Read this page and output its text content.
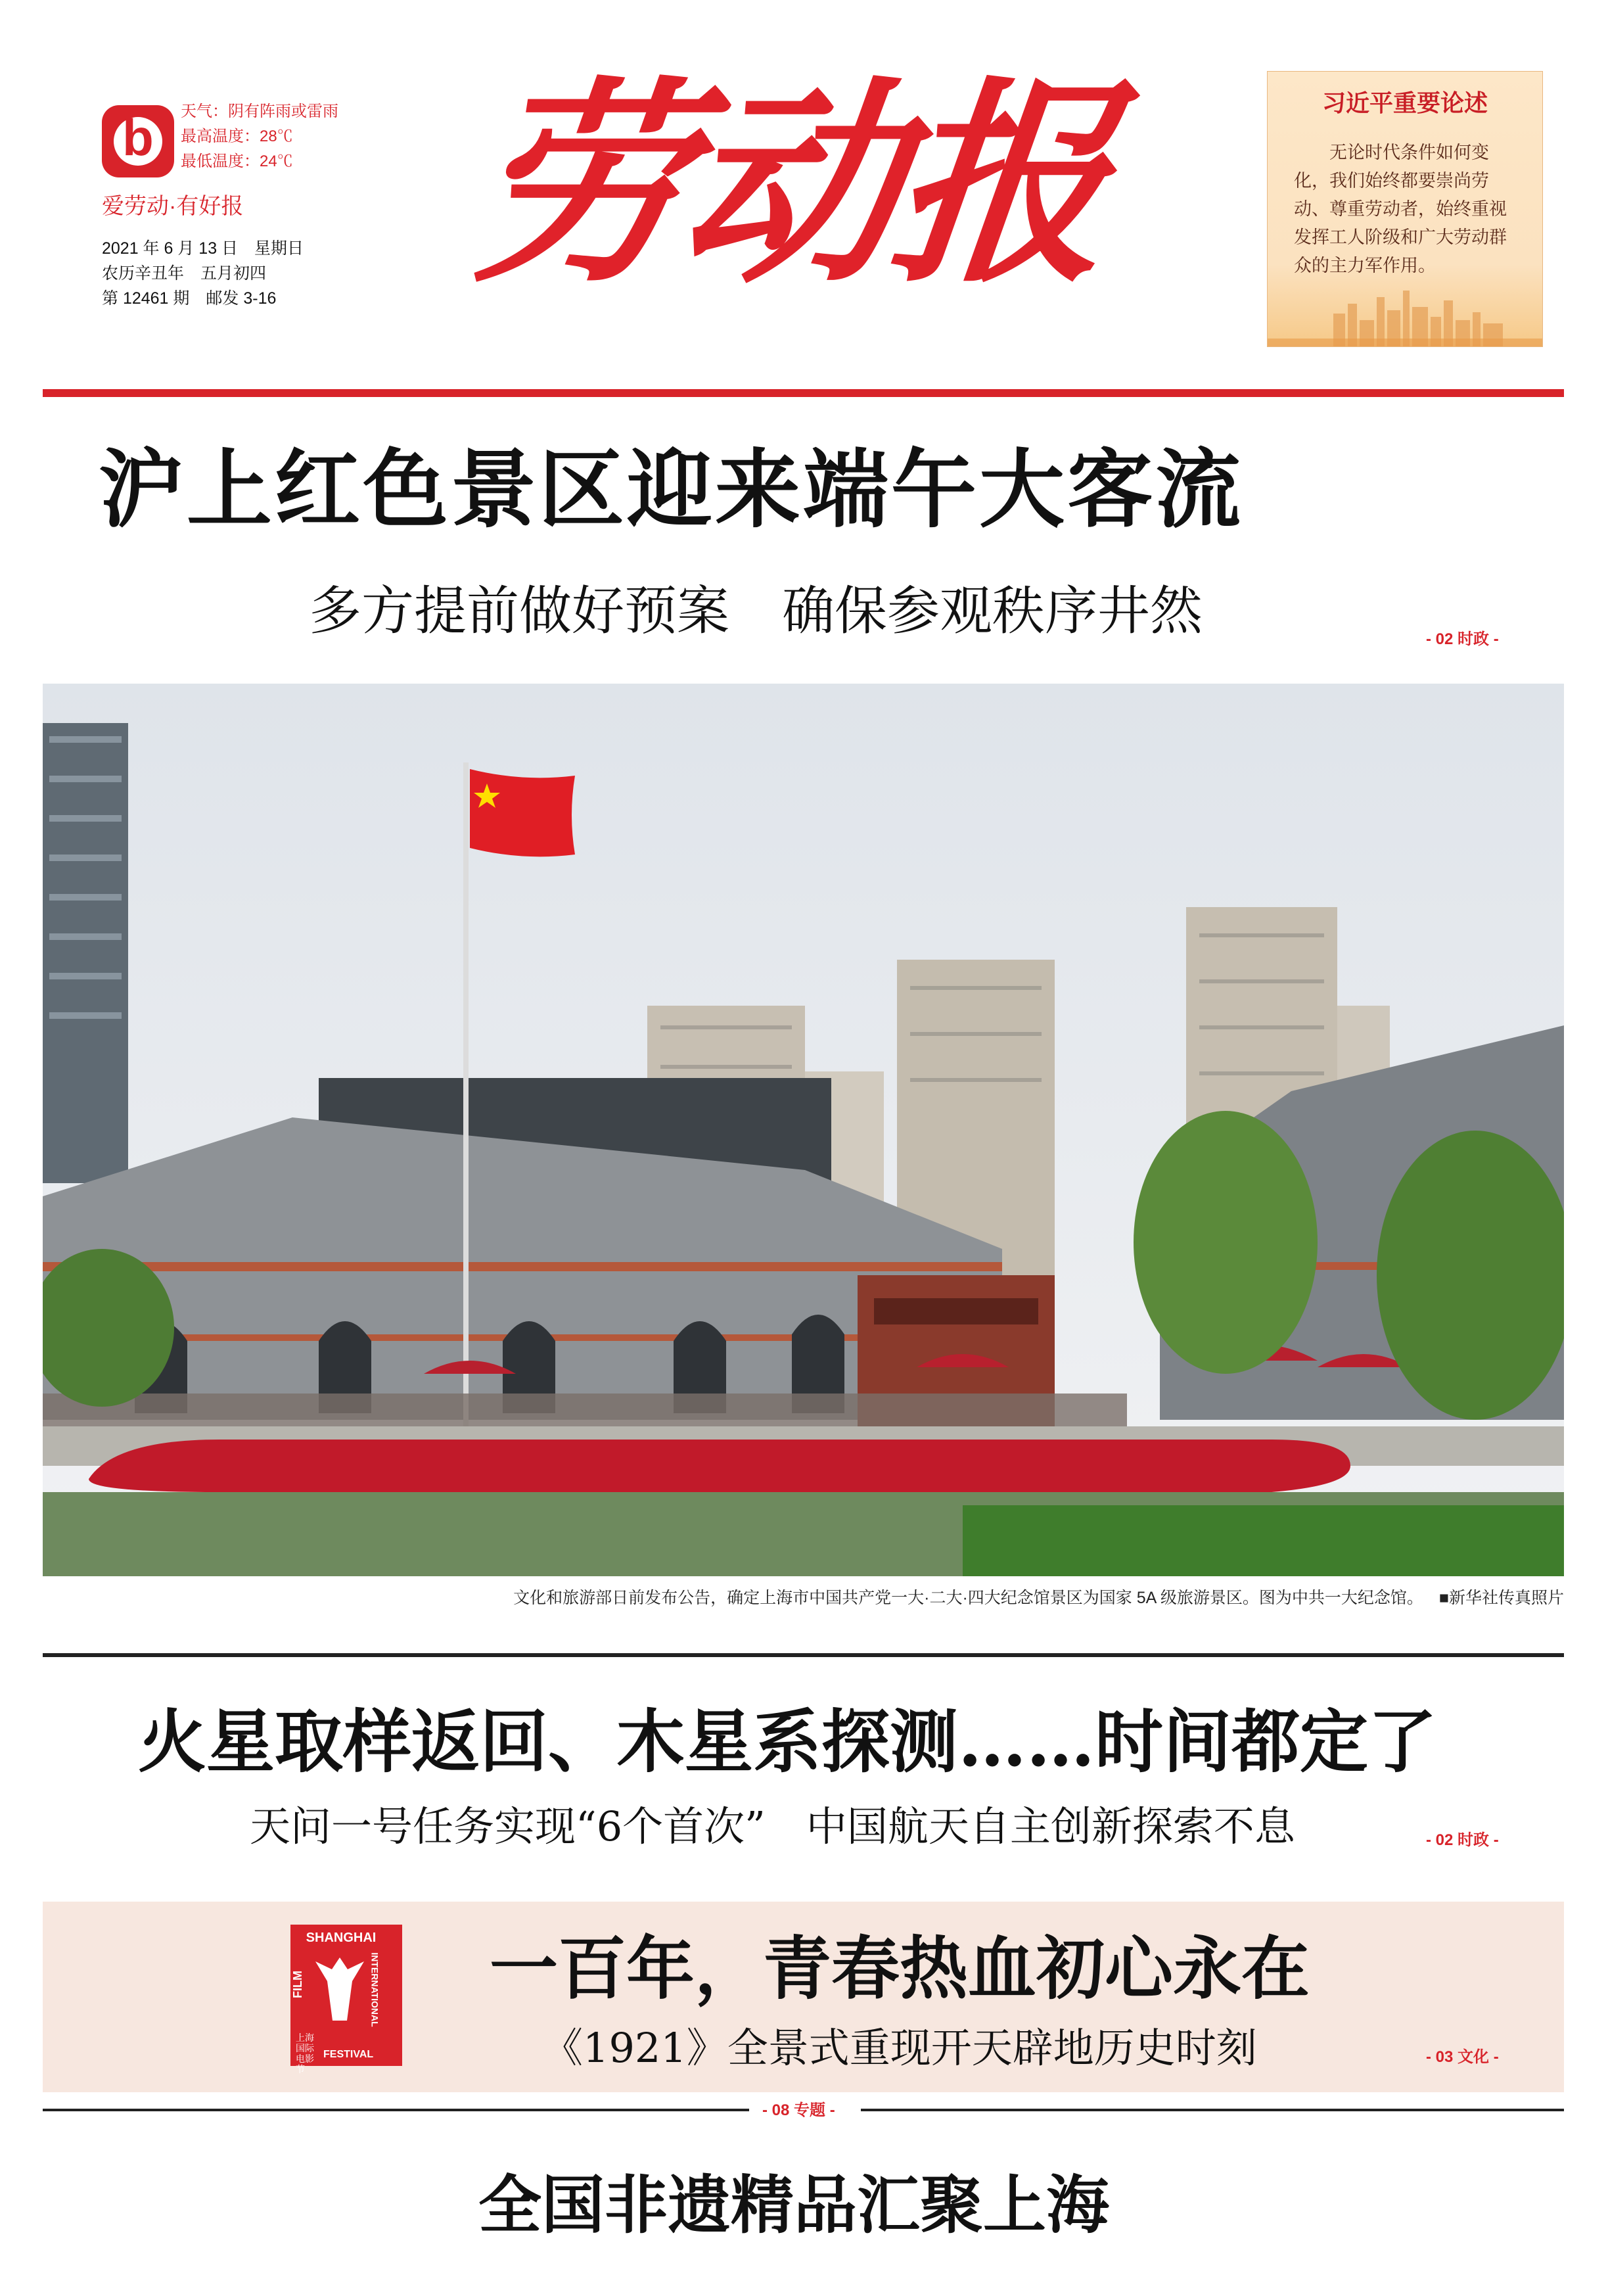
b	天气：阴有阵雨或雷雨
最高温度：28℃
最低温度：24℃
爱劳动·有好报
2021 年 6 月 13 日　星期日
农历辛丑年　五月初四
第 12461 期　邮发 3-16 劳动报	习近平重要论述
无论时代条件如何变化，我们始终都要崇尚劳动、尊重劳动者，始终重视发挥工人阶级和广大劳动群众的主力军作用。
沪上红色景区迎来端午大客流
多方提前做好预案　确保参观秩序井然	- 02 时政 -
文化和旅游部日前发布公告，确定上海市中国共产党一大·二大·四大纪念馆景区为国家 5A 级旅游景区。图为中共一大纪念馆。 ■新华社传真照片
火星取样返回、木星系探测……时间都定了
天问一号任务实现“6个首次”　中国航天自主创新探索不息	- 02 时政 -
SHANGHAI
FILM	INTERNATIONAL
上海国际电影节
FESTIVAL
一百年，青春热血初心永在
《1921》全景式重现开天辟地历史时刻	- 03 文化 -
- 08 专题 -
全国非遗精品汇聚上海
